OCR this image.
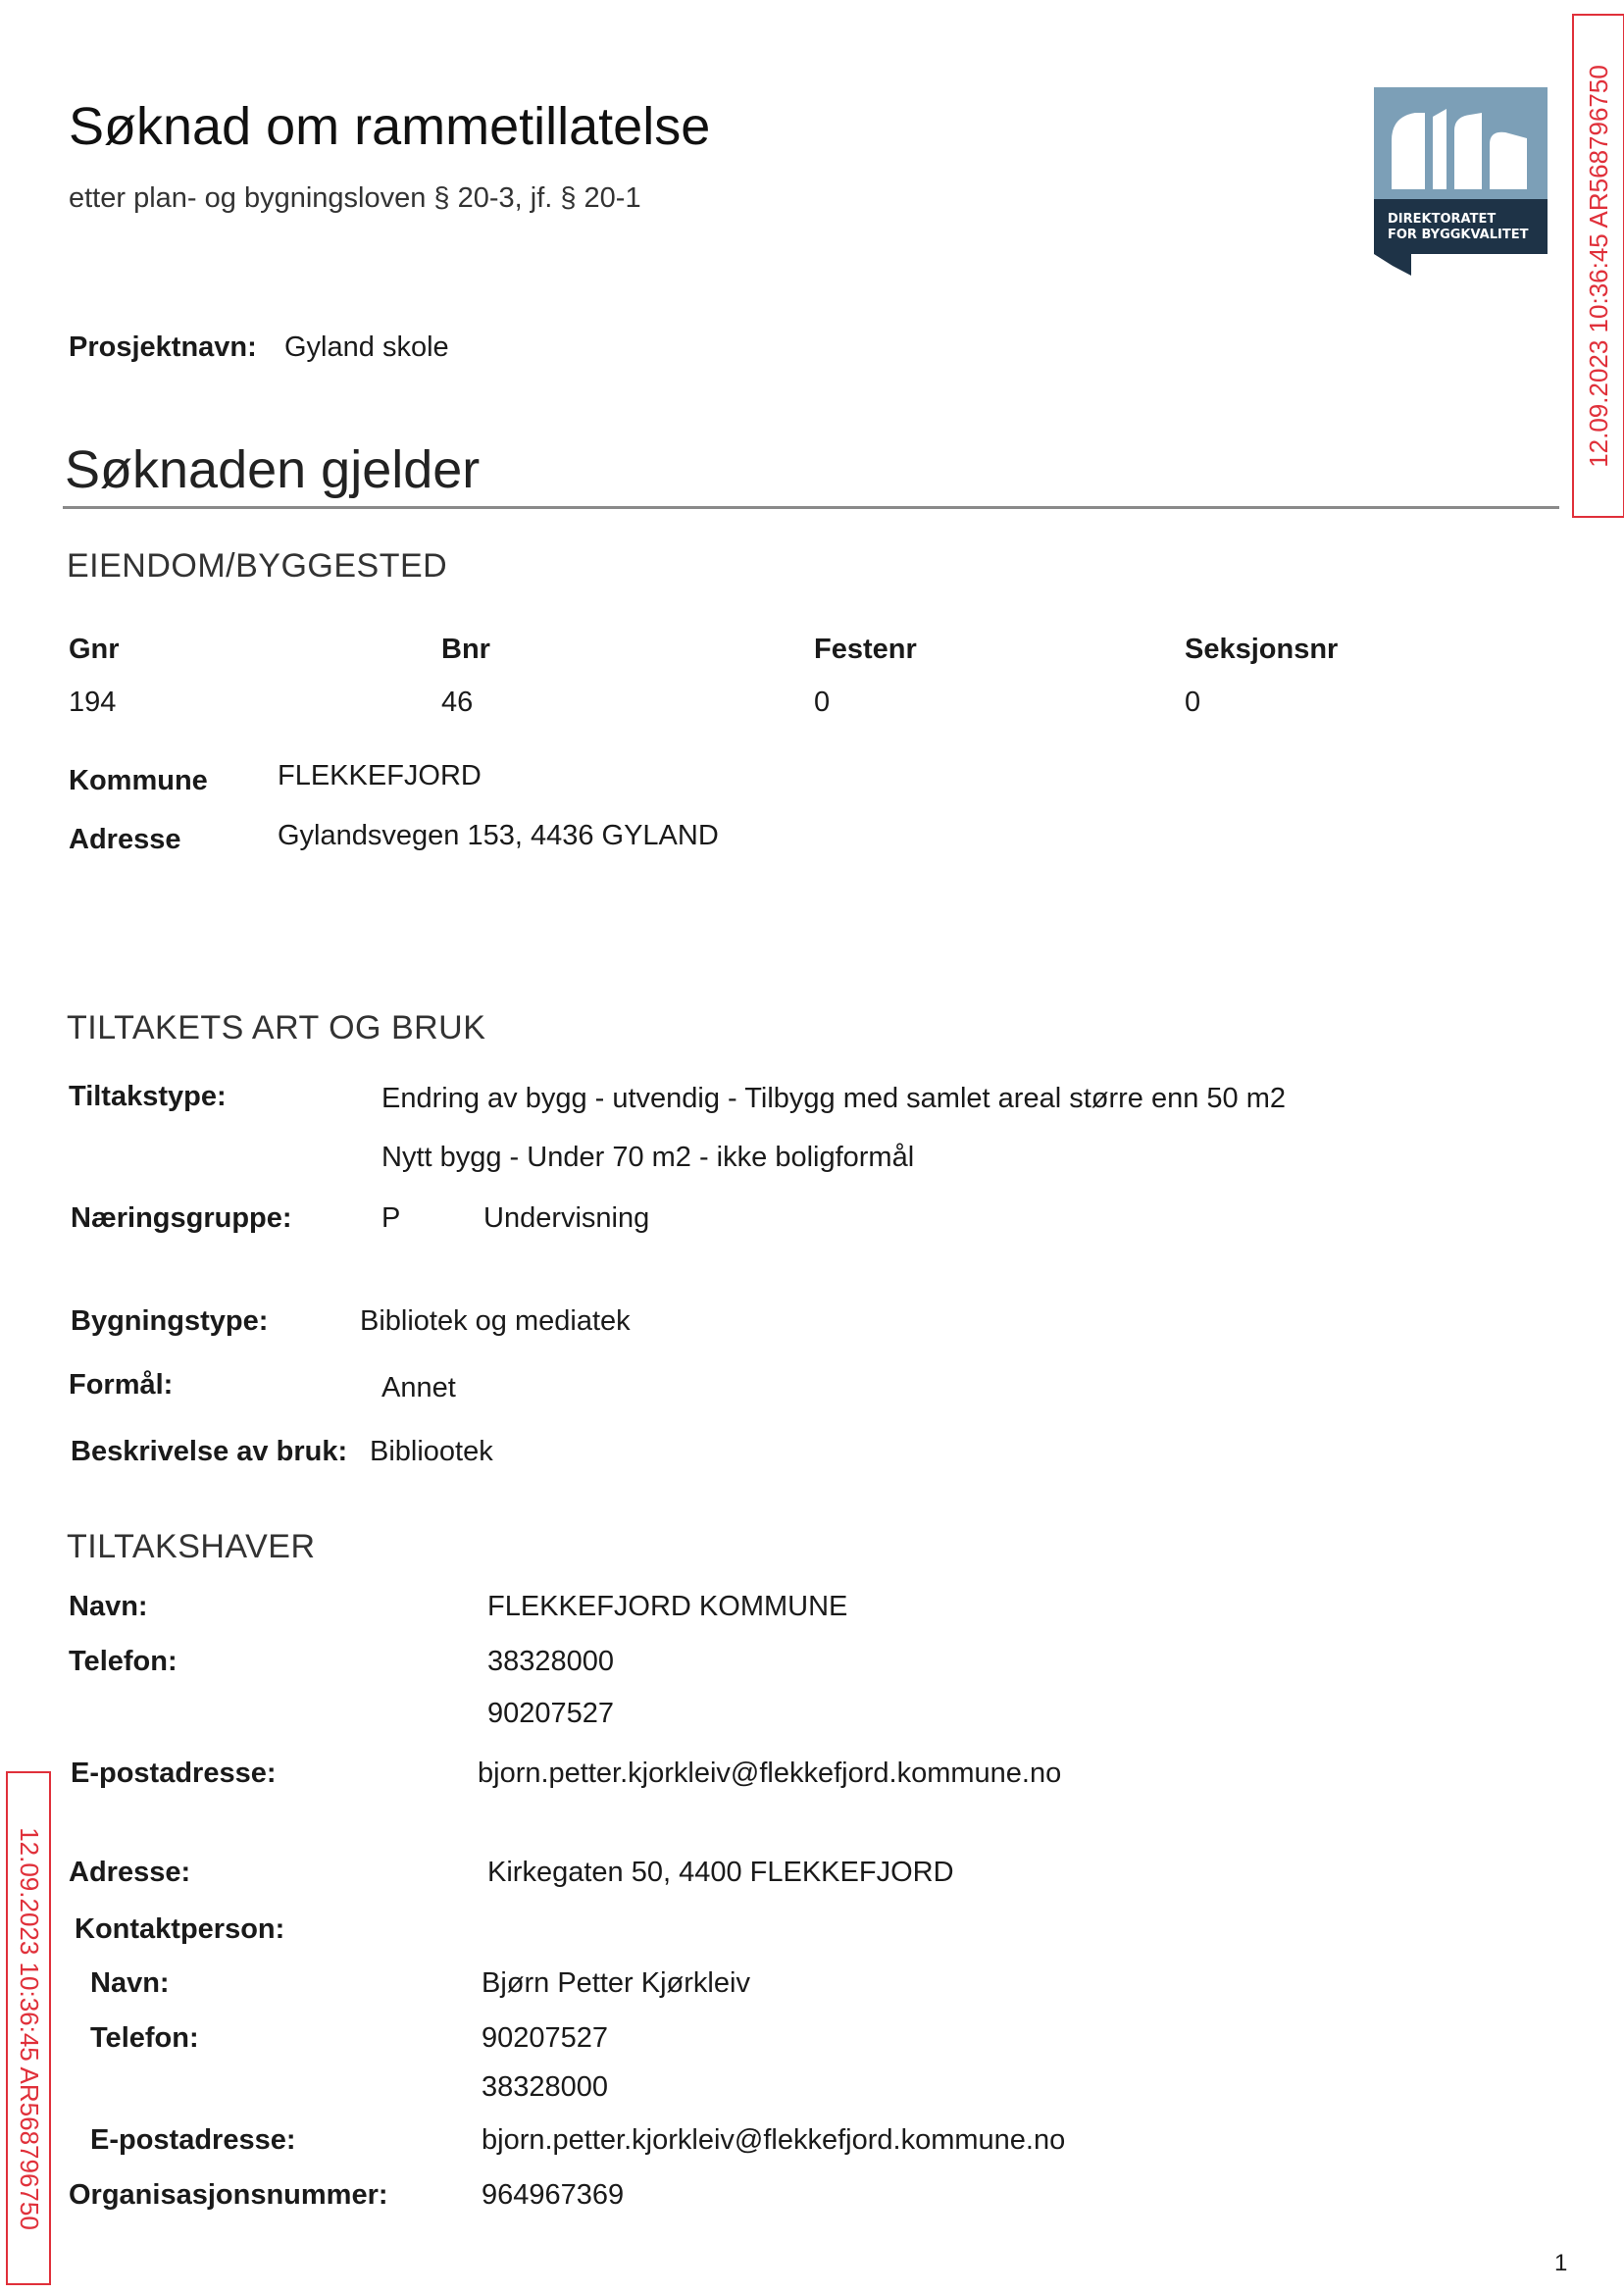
Søknad om rammetillatelse
etter plan- og bygningsloven § 20-3, jf. § 20-1
DIREKTORATET
FOR BYGGKVALITET 12.09.2023 10:36:45 AR568796750
12.09.2023 10:36:45 AR568796750
Prosjektnavn: Gyland skole
Søknaden gjelder
EIENDOM/BYGGESTED
Gnr	Bnr	Festenr	Seksjonsnr
194	46	0	0
Kommune FLEKKEFJORD
Adresse	Gylandsvegen 153, 4436 GYLAND
TILTAKETS ART OG BRUK
Tiltakstype:	Endring av bygg - utvendig - Tilbygg med samlet areal større enn 50 m2
Nytt bygg - Under 70 m2 - ikke boligformål
Næringsgruppe:	P	Undervisning
Bygningstype:	Bibliotek og mediatek
Formål:	Annet
Beskrivelse av bruk: Bibliootek
TILTAKSHAVER
Navn:	FLEKKEFJORD KOMMUNE
Telefon:	38328000
90207527
E-postadresse:	bjorn.petter.kjorkleiv@flekkefjord.kommune.no
Adresse:	Kirkegaten 50, 4400 FLEKKEFJORD
Kontaktperson:
Navn:	Bjørn Petter Kjørkleiv
Telefon:	90207527
38328000
E-postadresse:	bjorn.petter.kjorkleiv@flekkefjord.kommune.no
Organisasjonsnummer:	964967369
1
